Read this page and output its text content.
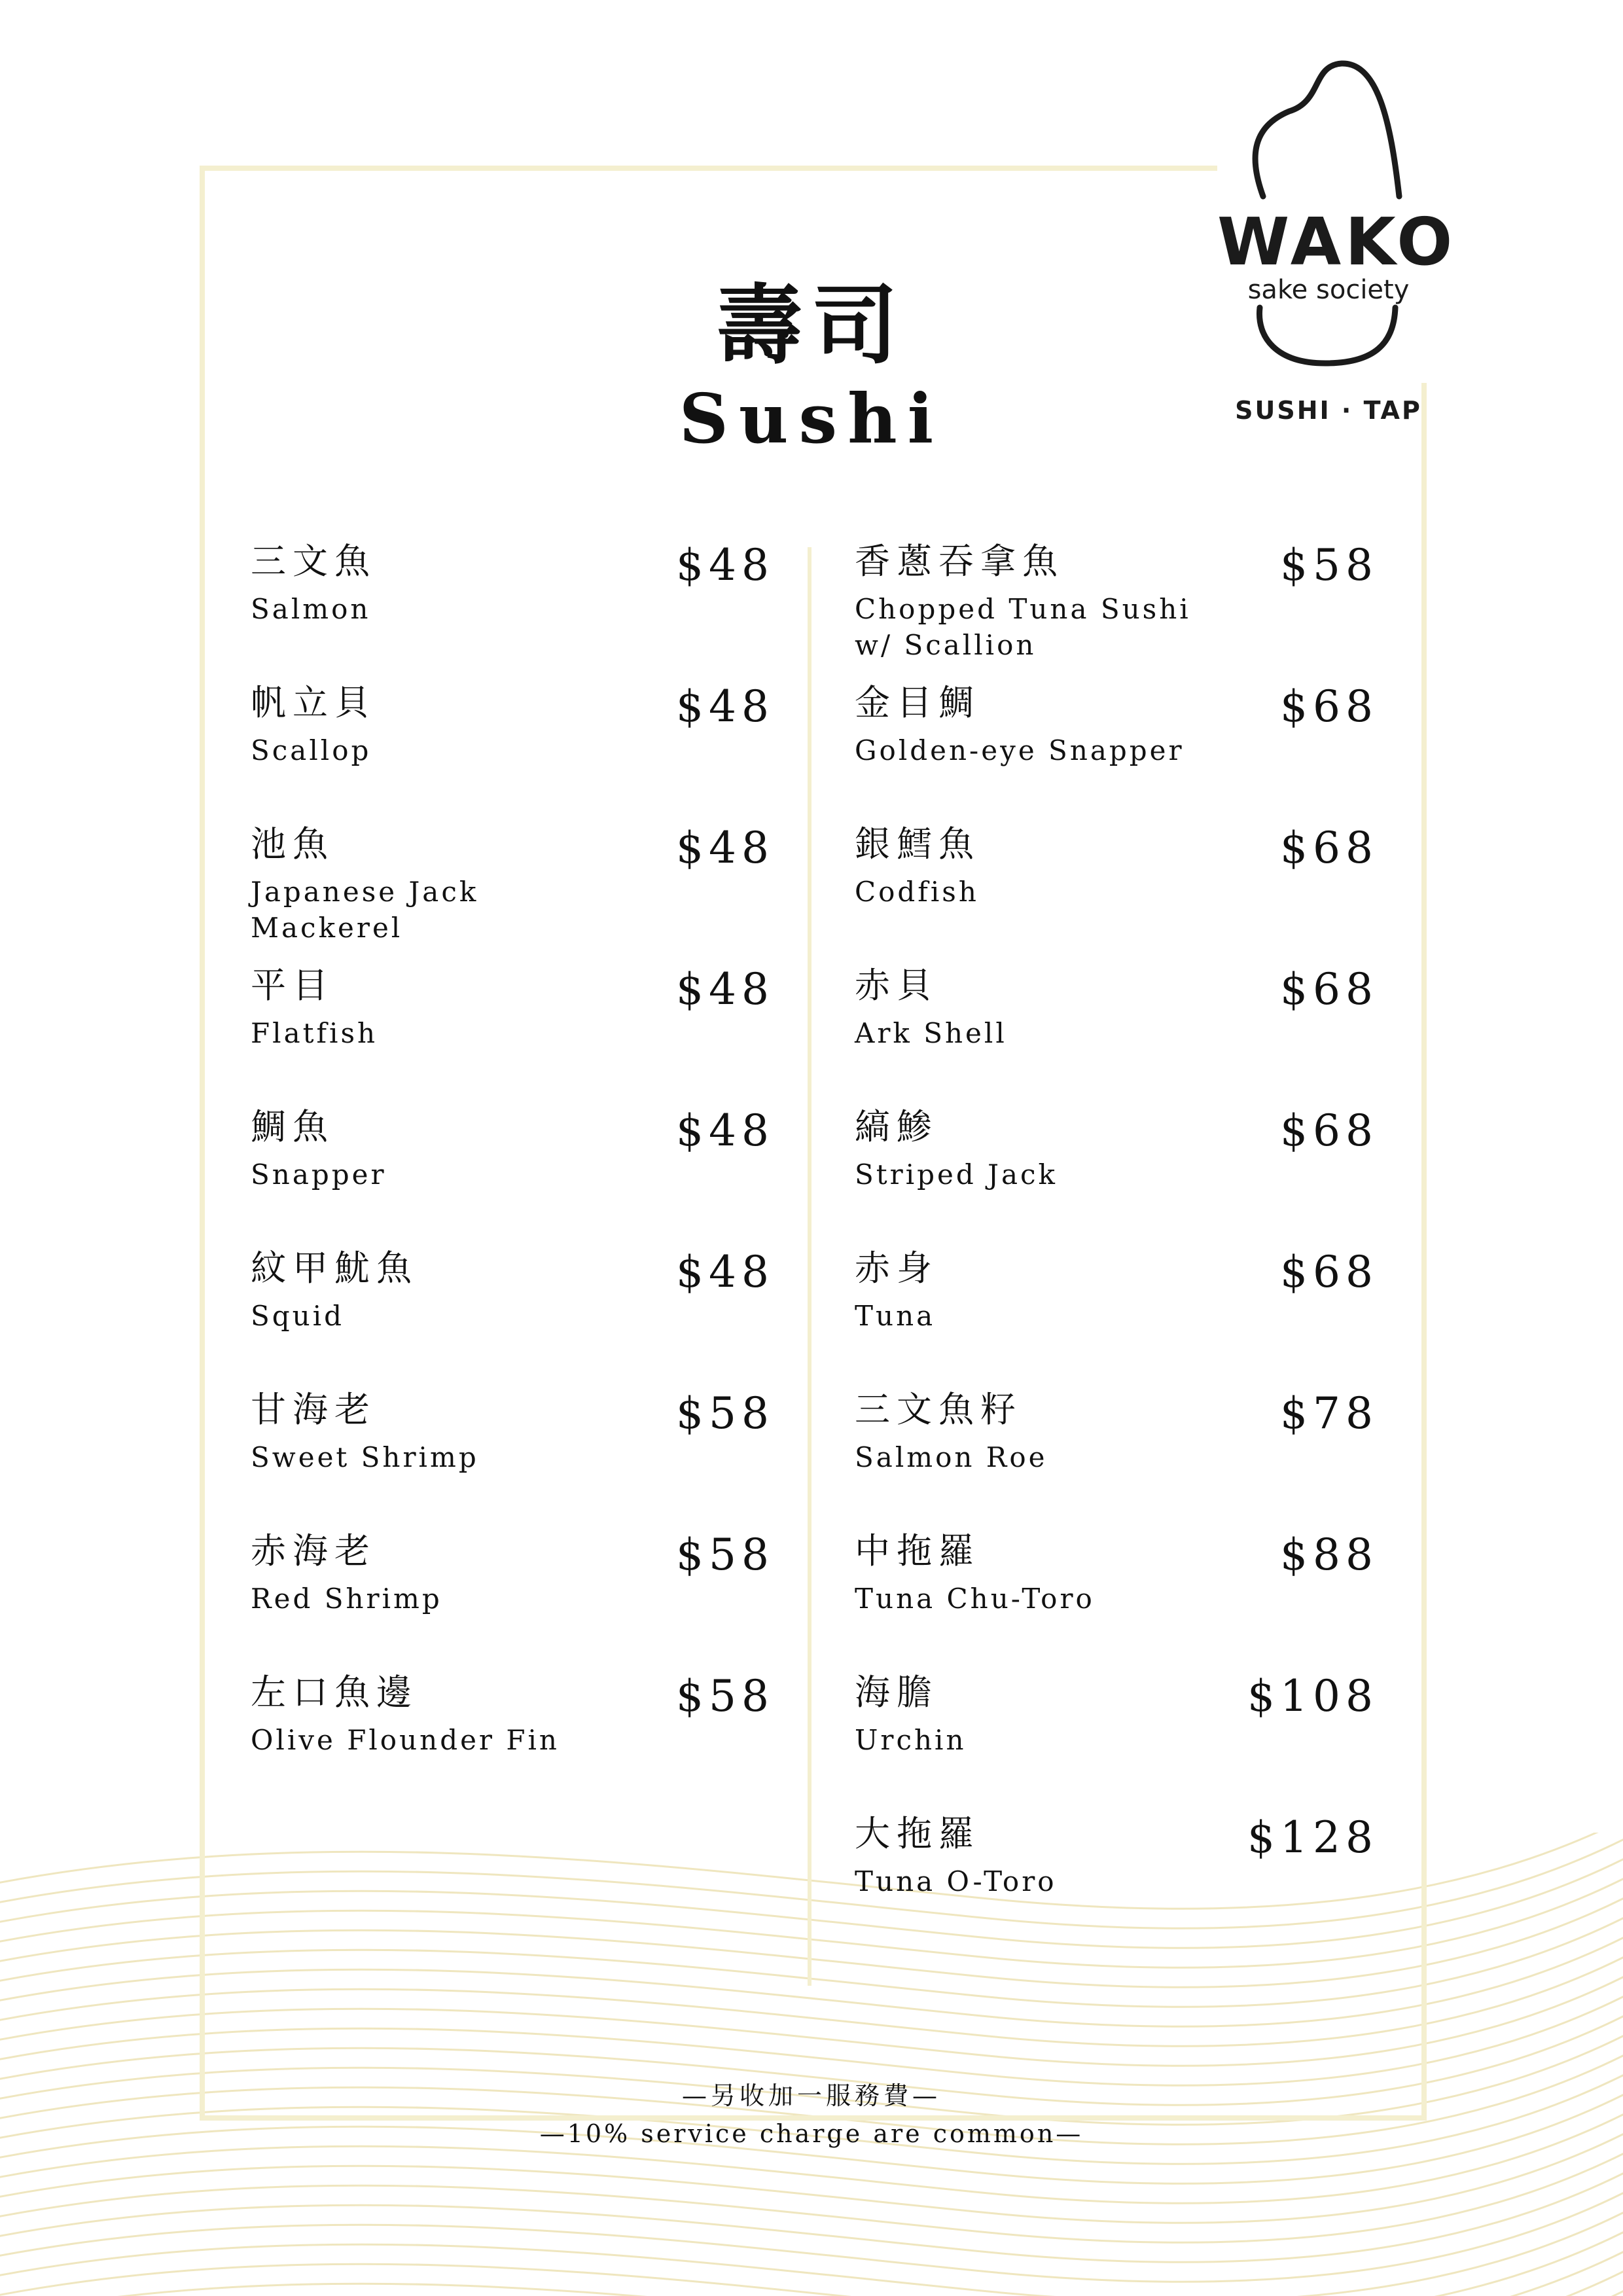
WAKO
sake society
SUSHI · TAP
壽司
Sushi
三文魚
Salmon
$48
帆立貝
Scallop
$48
池魚
Japanese Jack Mackerel
$48
平目
Flatfish
$48
鯛魚
Snapper
$48
紋甲魷魚
Squid
$48
甘海老
Sweet Shrimp
$58
赤海老
Red Shrimp
$58
左口魚邊
Olive Flounder Fin
$58
香蔥吞拿魚
Chopped Tuna Sushi w/ Scallion
$58
金目鯛
Golden-eye Snapper
$68
銀鱈魚
Codfish
$68
赤貝
Ark Shell
$68
縞鯵
Striped Jack
$68
赤身
Tuna
$68
三文魚籽
Salmon Roe
$78
中拖羅
Tuna Chu-Toro
$88
海膽
Urchin
$108
大拖羅
Tuna O-Toro
$128
—另收加一服務費—
—10% service charge are common—
